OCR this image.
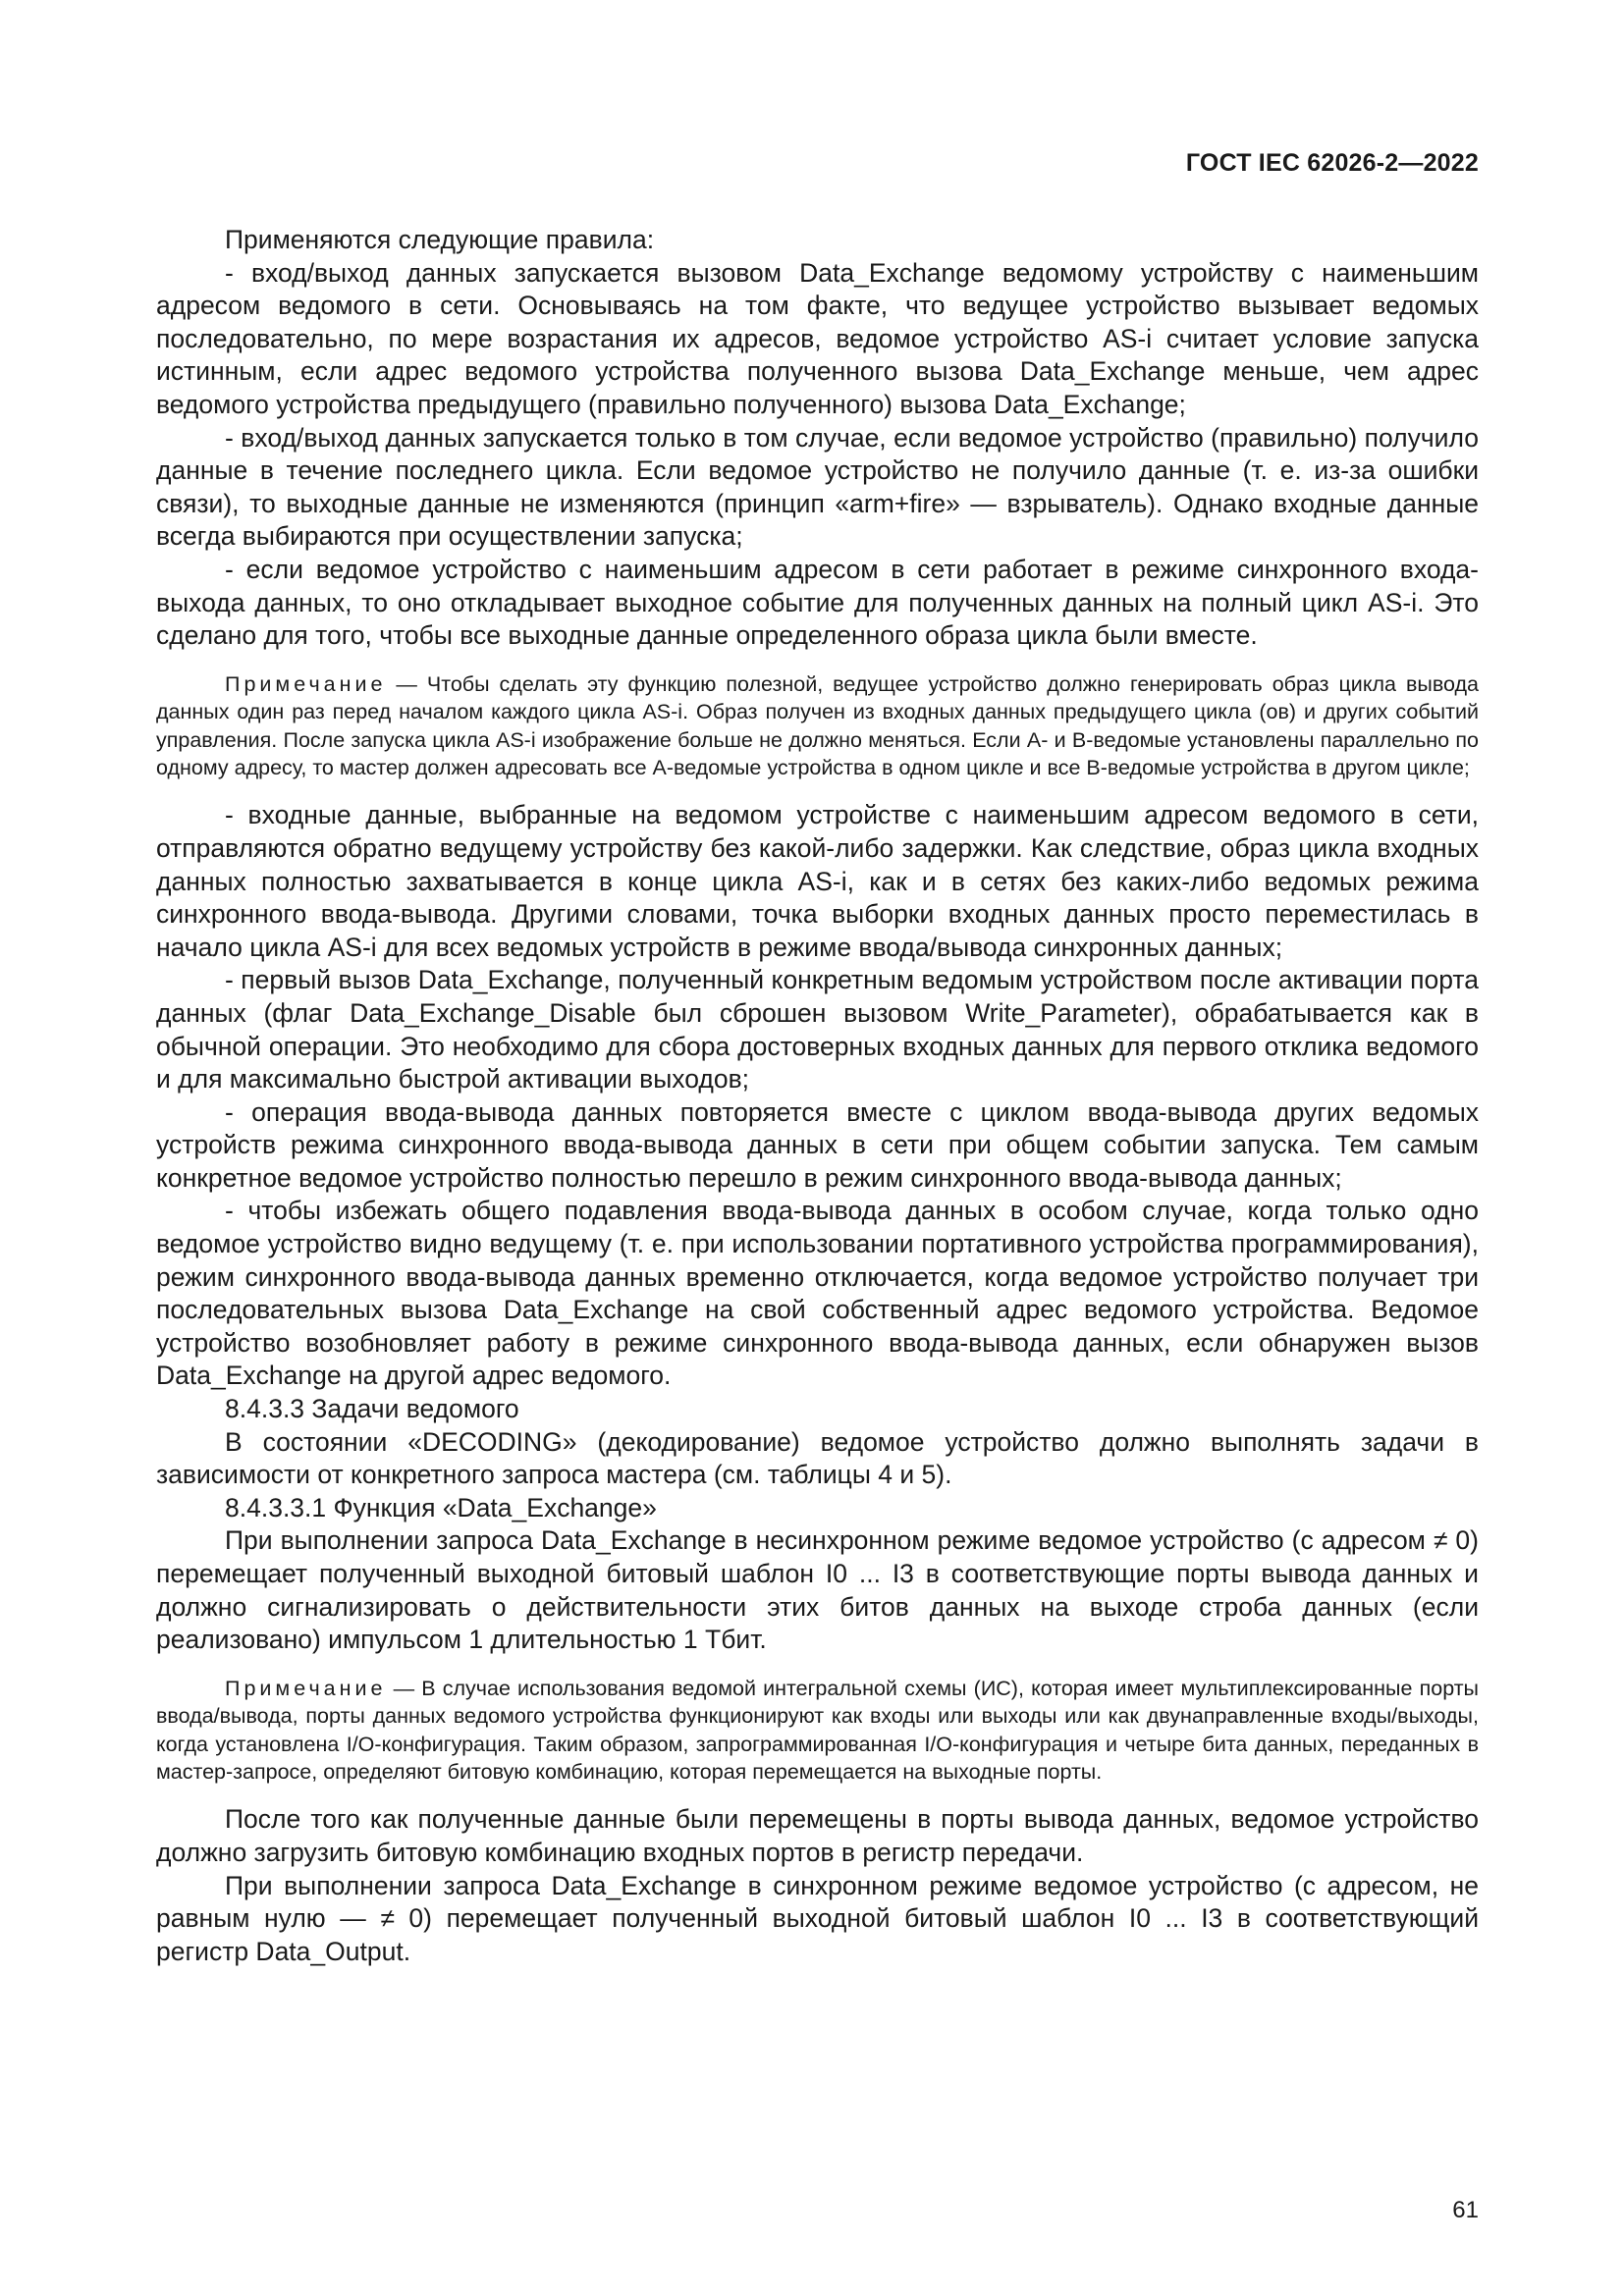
ГОСТ IEC 62026-2—2022

Применяются следующие правила:

- вход/выход данных запускается вызовом Data_Exchange ведомому устройству с наименьшим адресом ведомого в сети. Основываясь на том факте, что ведущее устройство вызывает ведомых последовательно, по мере возрастания их адресов, ведомое устройство AS-i считает условие запуска истинным, если адрес ведомого устройства полученного вызова Data_Exchange меньше, чем адрес ведомого устройства предыдущего (правильно полученного) вызова Data_Exchange;

- вход/выход данных запускается только в том случае, если ведомое устройство (правильно) получило данные в течение последнего цикла. Если ведомое устройство не получило данные (т. е. из-за ошибки связи), то выходные данные не изменяются (принцип «arm+fire» — взрыватель). Однако входные данные всегда выбираются при осуществлении запуска;

- если ведомое устройство с наименьшим адресом в сети работает в режиме синхронного входа-выхода данных, то оно откладывает выходное событие для полученных данных на полный цикл AS-i. Это сделано для того, чтобы все выходные данные определенного образа цикла были вместе.

Примечание — Чтобы сделать эту функцию полезной, ведущее устройство должно генерировать образ цикла вывода данных один раз перед началом каждого цикла AS-i. Образ получен из входных данных предыдущего цикла (ов) и других событий управления. После запуска цикла AS-i изображение больше не должно меняться. Если А- и В-ведомые установлены параллельно по одному адресу, то мастер должен адресовать все А-ведомые устройства в одном цикле и все В-ведомые устройства в другом цикле;

- входные данные, выбранные на ведомом устройстве с наименьшим адресом ведомого в сети, отправляются обратно ведущему устройству без какой-либо задержки. Как следствие, образ цикла входных данных полностью захватывается в конце цикла AS-i, как и в сетях без каких-либо ведомых режима синхронного ввода-вывода. Другими словами, точка выборки входных данных просто переместилась в начало цикла AS-i для всех ведомых устройств в режиме ввода/вывода синхронных данных;

- первый вызов Data_Exchange, полученный конкретным ведомым устройством после активации порта данных (флаг Data_Exchange_Disable был сброшен вызовом Write_Parameter), обрабатывается как в обычной операции. Это необходимо для сбора достоверных входных данных для первого отклика ведомого и для максимально быстрой активации выходов;

- операция ввода-вывода данных повторяется вместе с циклом ввода-вывода других ведомых устройств режима синхронного ввода-вывода данных в сети при общем событии запуска. Тем самым конкретное ведомое устройство полностью перешло в режим синхронного ввода-вывода данных;

- чтобы избежать общего подавления ввода-вывода данных в особом случае, когда только одно ведомое устройство видно ведущему (т. е. при использовании портативного устройства программирования), режим синхронного ввода-вывода данных временно отключается, когда ведомое устройство получает три последовательных вызова Data_Exchange на свой собственный адрес ведомого устройства. Ведомое устройство возобновляет работу в режиме синхронного ввода-вывода данных, если обнаружен вызов Data_Exchange на другой адрес ведомого.

8.4.3.3 Задачи ведомого

В состоянии «DECODING» (декодирование) ведомое устройство должно выполнять задачи в зависимости от конкретного запроса мастера (см. таблицы 4 и 5).

8.4.3.3.1 Функция «Data_Exchange»

При выполнении запроса Data_Exchange в несинхронном режиме ведомое устройство (с адресом ≠ 0) перемещает полученный выходной битовый шаблон I0 ... I3 в соответствующие порты вывода данных и должно сигнализировать о действительности этих битов данных на выходе строба данных (если реализовано) импульсом 1 длительностью 1 Тбит.

Примечание — В случае использования ведомой интегральной схемы (ИС), которая имеет мультиплексированные порты ввода/вывода, порты данных ведомого устройства функционируют как входы или выходы или как двунаправленные входы/выходы, когда установлена I/O-конфигурация. Таким образом, запрограммированная I/O-конфигурация и четыре бита данных, переданных в мастер-запросе, определяют битовую комбинацию, которая перемещается на выходные порты.

После того как полученные данные были перемещены в порты вывода данных, ведомое устройство должно загрузить битовую комбинацию входных портов в регистр передачи.

При выполнении запроса Data_Exchange в синхронном режиме ведомое устройство (с адресом, не равным нулю — ≠ 0) перемещает полученный выходной битовый шаблон I0 ... I3 в соответствующий регистр Data_Output.

61
